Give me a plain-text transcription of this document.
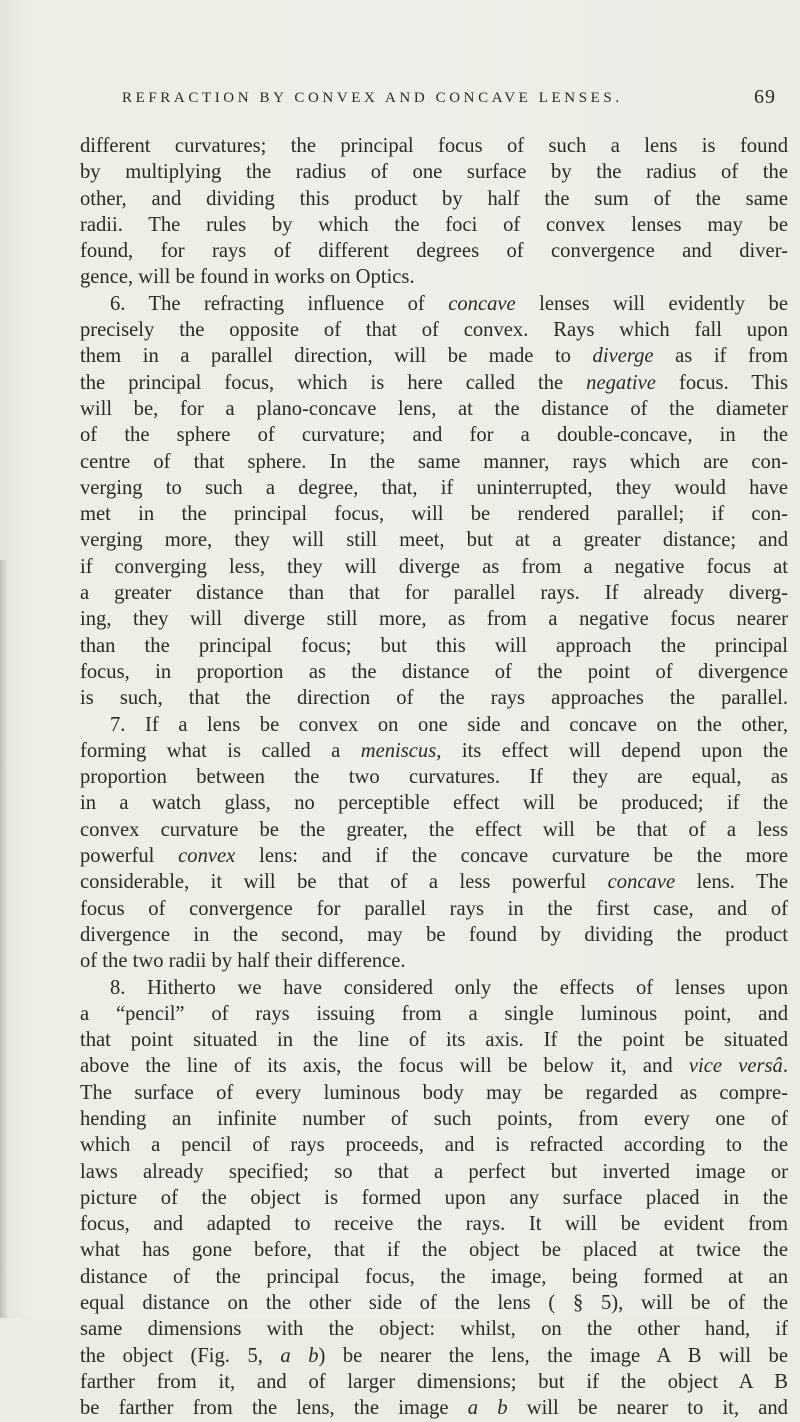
REFRACTION BY CONVEX AND CONCAVE LENSES.	69
different curvatures; the principal focus of such a lens is found
by multiplying the radius of one surface by the radius of the
other, and dividing this product by half the sum of the same
radii. The rules by which the foci of convex lenses may be
found, for rays of different degrees of convergence and diver-
gence, will be found in works on Optics.
6. The refracting influence of concave lenses will evidently be
precisely the opposite of that of convex. Rays which fall upon
them in a parallel direction, will be made to diverge as if from
the principal focus, which is here called the negative focus. This
will be, for a plano-concave lens, at the distance of the diameter
of the sphere of curvature; and for a double-concave, in the
centre of that sphere. In the same manner, rays which are con-
verging to such a degree, that, if uninterrupted, they would have
met in the principal focus, will be rendered parallel; if con-
verging more, they will still meet, but at a greater distance; and
if converging less, they will diverge as from a negative focus at
a greater distance than that for parallel rays. If already diverg-
ing, they will diverge still more, as from a negative focus nearer
than the principal focus; but this will approach the principal
focus, in proportion as the distance of the point of divergence
is such, that the direction of the rays approaches the parallel.
7. If a lens be convex on one side and concave on the other,
forming what is called a meniscus, its effect will depend upon the
proportion between the two curvatures. If they are equal, as
in a watch glass, no perceptible effect will be produced; if the
convex curvature be the greater, the effect will be that of a less
powerful convex lens: and if the concave curvature be the more
considerable, it will be that of a less powerful concave lens. The
focus of convergence for parallel rays in the first case, and of
divergence in the second, may be found by dividing the product
of the two radii by half their difference.
8. Hitherto we have considered only the effects of lenses upon
a “pencil” of rays issuing from a single luminous point, and
that point situated in the line of its axis. If the point be situated
above the line of its axis, the focus will be below it, and vice versâ.
The surface of every luminous body may be regarded as compre-
hending an infinite number of such points, from every one of
which a pencil of rays proceeds, and is refracted according to the
laws already specified; so that a perfect but inverted image or
picture of the object is formed upon any surface placed in the
focus, and adapted to receive the rays. It will be evident from
what has gone before, that if the object be placed at twice the
distance of the principal focus, the image, being formed at an
equal distance on the other side of the lens ( § 5), will be of the
same dimensions with the object: whilst, on the other hand, if
the object (Fig. 5, a b) be nearer the lens, the image A B will be
farther from it, and of larger dimensions; but if the object A B
be farther from the lens, the image a b will be nearer to it, and
